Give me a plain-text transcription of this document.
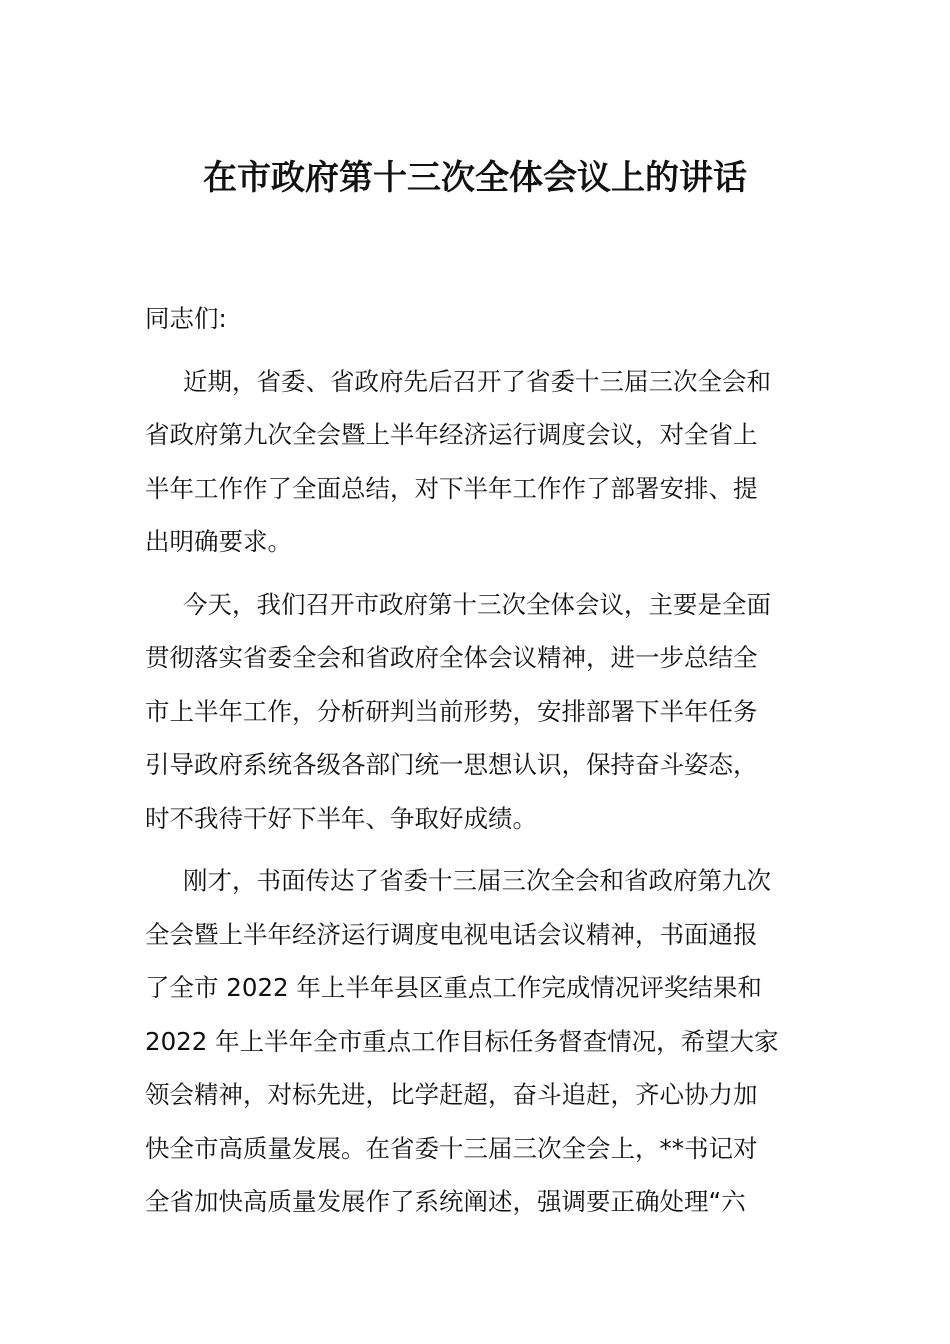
在市政府第十三次全体会议上的讲话
同志们:
近期，省委、省政府先后召开了省委十三届三次全会和
省政府第九次全会暨上半年经济运行调度会议，对全省上
半年工作作了全面总结，对下半年工作作了部署安排、提
出明确要求。
今天，我们召开市政府第十三次全体会议，主要是全面
贯彻落实省委全会和省政府全体会议精神，进一步总结全
市上半年工作，分析研判当前形势，安排部署下半年任务
引导政府系统各级各部门统一思想认识，保持奋斗姿态，
时不我待干好下半年、争取好成绩。
刚才，书面传达了省委十三届三次全会和省政府第九次
全会暨上半年经济运行调度电视电话会议精神，书面通报
了全市 2022 年上半年县区重点工作完成情况评奖结果和
2022 年上半年全市重点工作目标任务督查情况，希望大家
领会精神，对标先进，比学赶超，奋斗追赶，齐心协力加
快全市高质量发展。在省委十三届三次全会上，**书记对
全省加快高质量发展作了系统阐述，强调要正确处理“六
